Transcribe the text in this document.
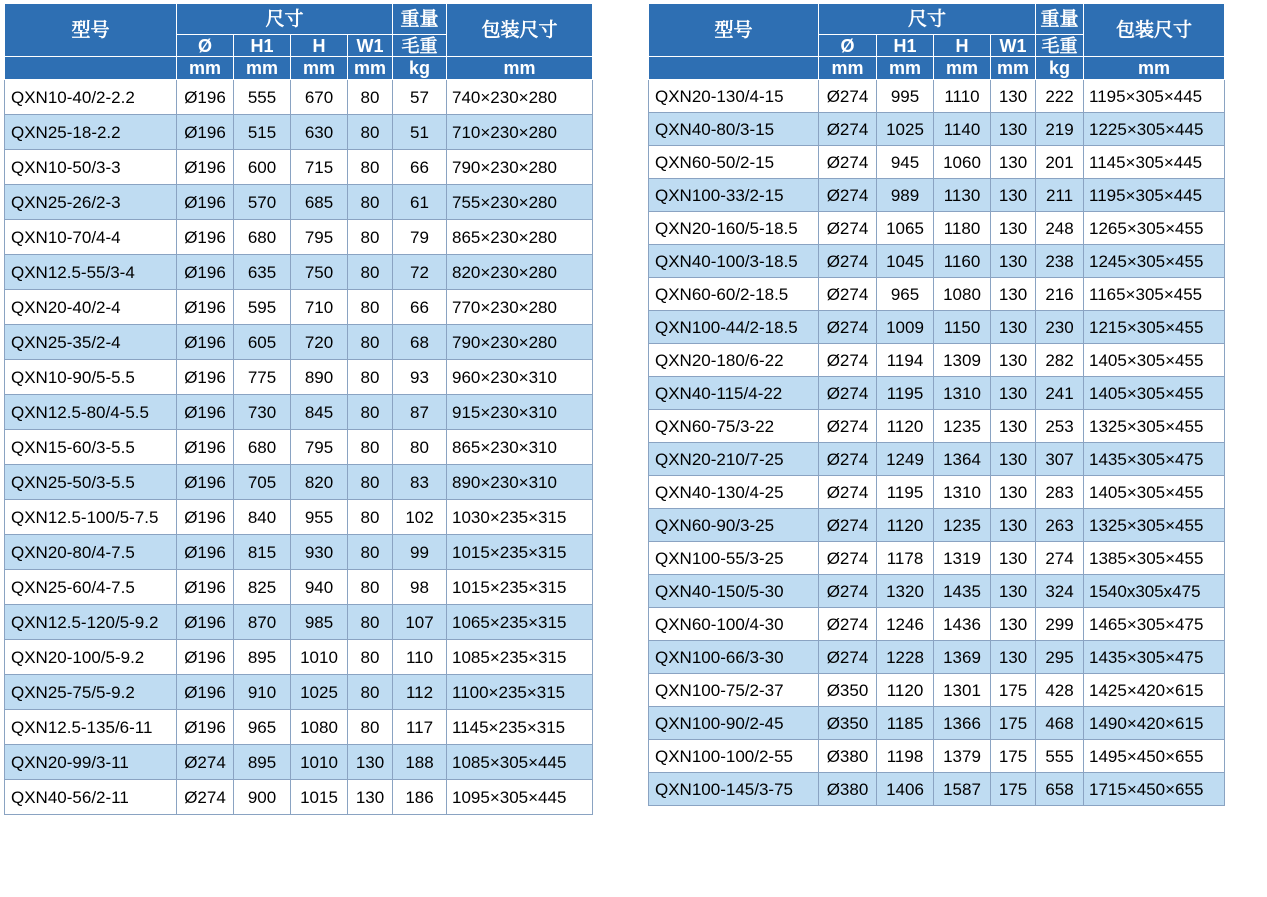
型号	尺寸				重量	包装尺寸
	Ø	H1	H	W1	毛重	
	mm	mm	mm	mm	kg	mm
QXN10-40/2-2.2	Ø196	555	670	80	57	740×230×280
QXN25-18-2.2	Ø196	515	630	80	51	710×230×280
QXN10-50/3-3	Ø196	600	715	80	66	790×230×280
QXN25-26/2-3	Ø196	570	685	80	61	755×230×280
QXN10-70/4-4	Ø196	680	795	80	79	865×230×280
QXN12.5-55/3-4	Ø196	635	750	80	72	820×230×280
QXN20-40/2-4	Ø196	595	710	80	66	770×230×280
QXN25-35/2-4	Ø196	605	720	80	68	790×230×280
QXN10-90/5-5.5	Ø196	775	890	80	93	960×230×310
QXN12.5-80/4-5.5	Ø196	730	845	80	87	915×230×310
QXN15-60/3-5.5	Ø196	680	795	80	80	865×230×310
QXN25-50/3-5.5	Ø196	705	820	80	83	890×230×310
QXN12.5-100/5-7.5	Ø196	840	955	80	102	1030×235×315
QXN20-80/4-7.5	Ø196	815	930	80	99	1015×235×315
QXN25-60/4-7.5	Ø196	825	940	80	98	1015×235×315
QXN12.5-120/5-9.2	Ø196	870	985	80	107	1065×235×315
QXN20-100/5-9.2	Ø196	895	1010	80	110	1085×235×315
QXN25-75/5-9.2	Ø196	910	1025	80	112	1100×235×315
QXN12.5-135/6-11	Ø196	965	1080	80	117	1145×235×315
QXN20-99/3-11	Ø274	895	1010	130	188	1085×305×445
QXN40-56/2-11	Ø274	900	1015	130	186	1095×305×445
型号	尺寸				重量	包装尺寸
	Ø	H1	H	W1	毛重	
	mm	mm	mm	mm	kg	mm
QXN20-130/4-15	Ø274	995	1110	130	222	1195×305×445
QXN40-80/3-15	Ø274	1025	1140	130	219	1225×305×445
QXN60-50/2-15	Ø274	945	1060	130	201	1145×305×445
QXN100-33/2-15	Ø274	989	1130	130	211	1195×305×445
QXN20-160/5-18.5	Ø274	1065	1180	130	248	1265×305×455
QXN40-100/3-18.5	Ø274	1045	1160	130	238	1245×305×455
QXN60-60/2-18.5	Ø274	965	1080	130	216	1165×305×455
QXN100-44/2-18.5	Ø274	1009	1150	130	230	1215×305×455
QXN20-180/6-22	Ø274	1194	1309	130	282	1405×305×455
QXN40-115/4-22	Ø274	1195	1310	130	241	1405×305×455
QXN60-75/3-22	Ø274	1120	1235	130	253	1325×305×455
QXN20-210/7-25	Ø274	1249	1364	130	307	1435×305×475
QXN40-130/4-25	Ø274	1195	1310	130	283	1405×305×455
QXN60-90/3-25	Ø274	1120	1235	130	263	1325×305×455
QXN100-55/3-25	Ø274	1178	1319	130	274	1385×305×455
QXN40-150/5-30	Ø274	1320	1435	130	324	1540x305x475
QXN60-100/4-30	Ø274	1246	1436	130	299	1465×305×475
QXN100-66/3-30	Ø274	1228	1369	130	295	1435×305×475
QXN100-75/2-37	Ø350	1120	1301	175	428	1425×420×615
QXN100-90/2-45	Ø350	1185	1366	175	468	1490×420×615
QXN100-100/2-55	Ø380	1198	1379	175	555	1495×450×655
QXN100-145/3-75	Ø380	1406	1587	175	658	1715×450×655
